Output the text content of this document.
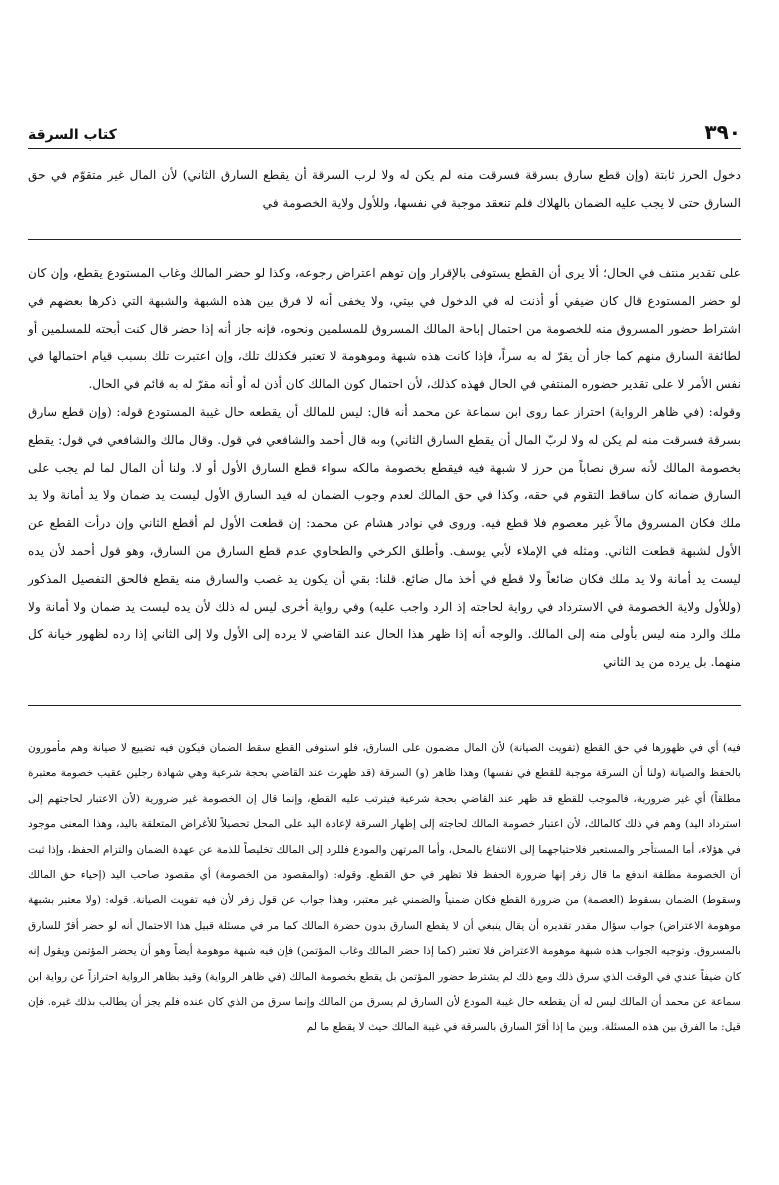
٣٩٠
كتاب السرقة

دخول الحرز ثابتة (وإن قطع سارق بسرقة فسرقت منه لم يكن له ولا لرب السرقة أن يقطع السارق الثاني) لأن المال غير متقوّم في حق السارق حتى لا يجب عليه الضمان بالهلاك فلم تنعقد موجبة في نفسها، وللأول ولاية الخصومة في

على تقدير منتف في الحال؛ ألا يرى أن القطع يستوفى بالإقرار وإن توهم اعتراض رجوعه، وكذا لو حضر المالك وغاب المستودع يقطع، وإن كان لو حضر المستودع قال كان ضيفي أو أذنت له في الدخول في بيتي، ولا يخفى أنه لا فرق بين هذه الشبهة والشبهة التي ذكرها بعضهم في اشتراط حضور المسروق منه للخصومة من احتمال إباحة المالك المسروق للمسلمين ونحوه، فإنه جاز أنه إذا حضر قال كنت أبحته للمسلمين أو لطائفة السارق منهم كما جاز أن يقرّ له به سراً، فإذا كانت هذه شبهة وموهومة لا تعتبر فكذلك تلك، وإن اعتبرت تلك بسبب قيام احتمالها في نفس الأمر لا على تقدير حضوره المنتفي في الحال فهذه كذلك، لأن احتمال كون المالك كان أذن له أو أنه مقرّ له به قائم في الحال.

وقوله: (في ظاهر الرواية) احتراز عما روى ابن سماعة عن محمد أنه قال: ليس للمالك أن يقطعه حال غيبة المستودع قوله: (وإن قطع سارق بسرقة فسرقت منه لم يكن له ولا لربّ المال أن يقطع السارق الثاني) وبه قال أحمد والشافعي في قول. وقال مالك والشافعي في قول: يقطع بخصومة المالك لأنه سرق نصاباً من حرز لا شبهة فيه فيقطع بخصومة مالكه سواء قطع السارق الأول أو لا. ولنا أن المال لما لم يجب على السارق ضمانه كان ساقط التقوم في حقه، وكذا في حق المالك لعدم وجوب الضمان له فيد السارق الأول ليست يد ضمان ولا يد أمانة ولا يد ملك فكان المسروق مالاً غير معصوم فلا قطع فيه. وروى في نوادر هشام عن محمد: إن قطعت الأول لم أقطع الثاني وإن درأت القطع عن الأول لشبهة قطعت الثاني. ومثله في الإملاء لأبي يوسف. وأطلق الكرخي والطحاوي عدم قطع السارق من السارق، وهو قول أحمد لأن يده ليست يد أمانة ولا يد ملك فكان ضائعاً ولا قطع في أخذ مال ضائع. قلنا: بقي أن يكون يد غصب والسارق منه يقطع فالحق التفصيل المذكور (وللأول ولاية الخصومة في الاسترداد في رواية لحاجته إذ الرد واجب عليه) وفي رواية أخرى ليس له ذلك لأن يده ليست يد ضمان ولا أمانة ولا ملك والرد منه ليس بأولى منه إلى المالك. والوجه أنه إذا ظهر هذا الحال عند القاضي لا يرده إلى الأول ولا إلى الثاني إذا رده لظهور خيانة كل منهما. بل يرده من يد الثاني

فيه) أي في ظهورها في حق القطع (تفويت الصيانة) لأن المال مضمون على السارق، فلو استوفى القطع سقط الضمان فيكون فيه تضييع لا صيانة وهم مأمورون بالحفظ والصيانة (ولنا أن السرقة موجبة للقطع في نفسها) وهذا ظاهر (و) السرقة (قد ظهرت عند القاضي بحجة شرعية وهي شهادة رجلين عقيب خصومة معتبرة مطلقاً) أي غير ضرورية، فالموجب للقطع قد ظهر عند القاضي بحجة شرعية فيترتب عليه القطع، وإنما قال إن الخصومة غير ضرورية (لأن الاعتبار لحاجتهم إلى استرداد اليد) وهم في ذلك كالمالك، لأن اعتبار خصومة المالك لحاجته إلى إظهار السرقة لإعادة اليد على المحل تحصيلاً للأغراض المتعلقة باليد، وهذا المعنى موجود في هؤلاء، أما المستأجر والمستعير فلاحتياجهما إلى الانتفاع بالمحل، وأما المرتهن والمودع فللرد إلى المالك تخليصاً للذمة عن عهدة الضمان والتزام الحفظ، وإذا ثبت أن الخصومة مطلقة اندفع ما قال زفر إنها ضرورة الحفظ فلا تظهر في حق القطع. وقوله: (والمقصود من الخصومة) أي مقصود صاحب اليد (إحياء حق المالك وسقوط) الضمان بسقوط (العصمة) من ضرورة القطع فكان ضمنياً والضمني غير معتبر، وهذا جواب عن قول زفر لأن فيه تفويت الصيانة. قوله: (ولا معتبر بشبهة موهومة الاعتراض) جواب سؤال مقدر تقديره أن يقال ينبغي أن لا يقطع السارق بدون حضرة المالك كما مر في مسئلة قبيل هذا الاحتمال أنه لو حضر أقرّ للسارق بالمسروق. وتوجيه الجواب هذه شبهة موهومة الاعتراض فلا تعتبر (كما إذا حضر المالك وغاب المؤتمن) فإن فيه شبهة موهومة أيضاً وهو أن يحضر المؤتمن ويقول إنه كان ضيفاً عندي في الوقت الذي سرق ذلك ومع ذلك لم يشترط حضور المؤتمن بل يقطع بخصومة المالك (في ظاهر الرواية) وقيد بظاهر الرواية احترازاً عن رواية ابن سماعة عن محمد أن المالك ليس له أن يقطعه حال غيبة المودع لأن السارق لم يسرق من المالك وإنما سرق من الذي كان عنده فلم يجز أن يطالب بذلك غيره. فإن قيل: ما الفرق بين هذه المسئلة. وبين ما إذا أقرّ السارق بالسرقة في غيبة المالك حيث لا يقطع ما لم
